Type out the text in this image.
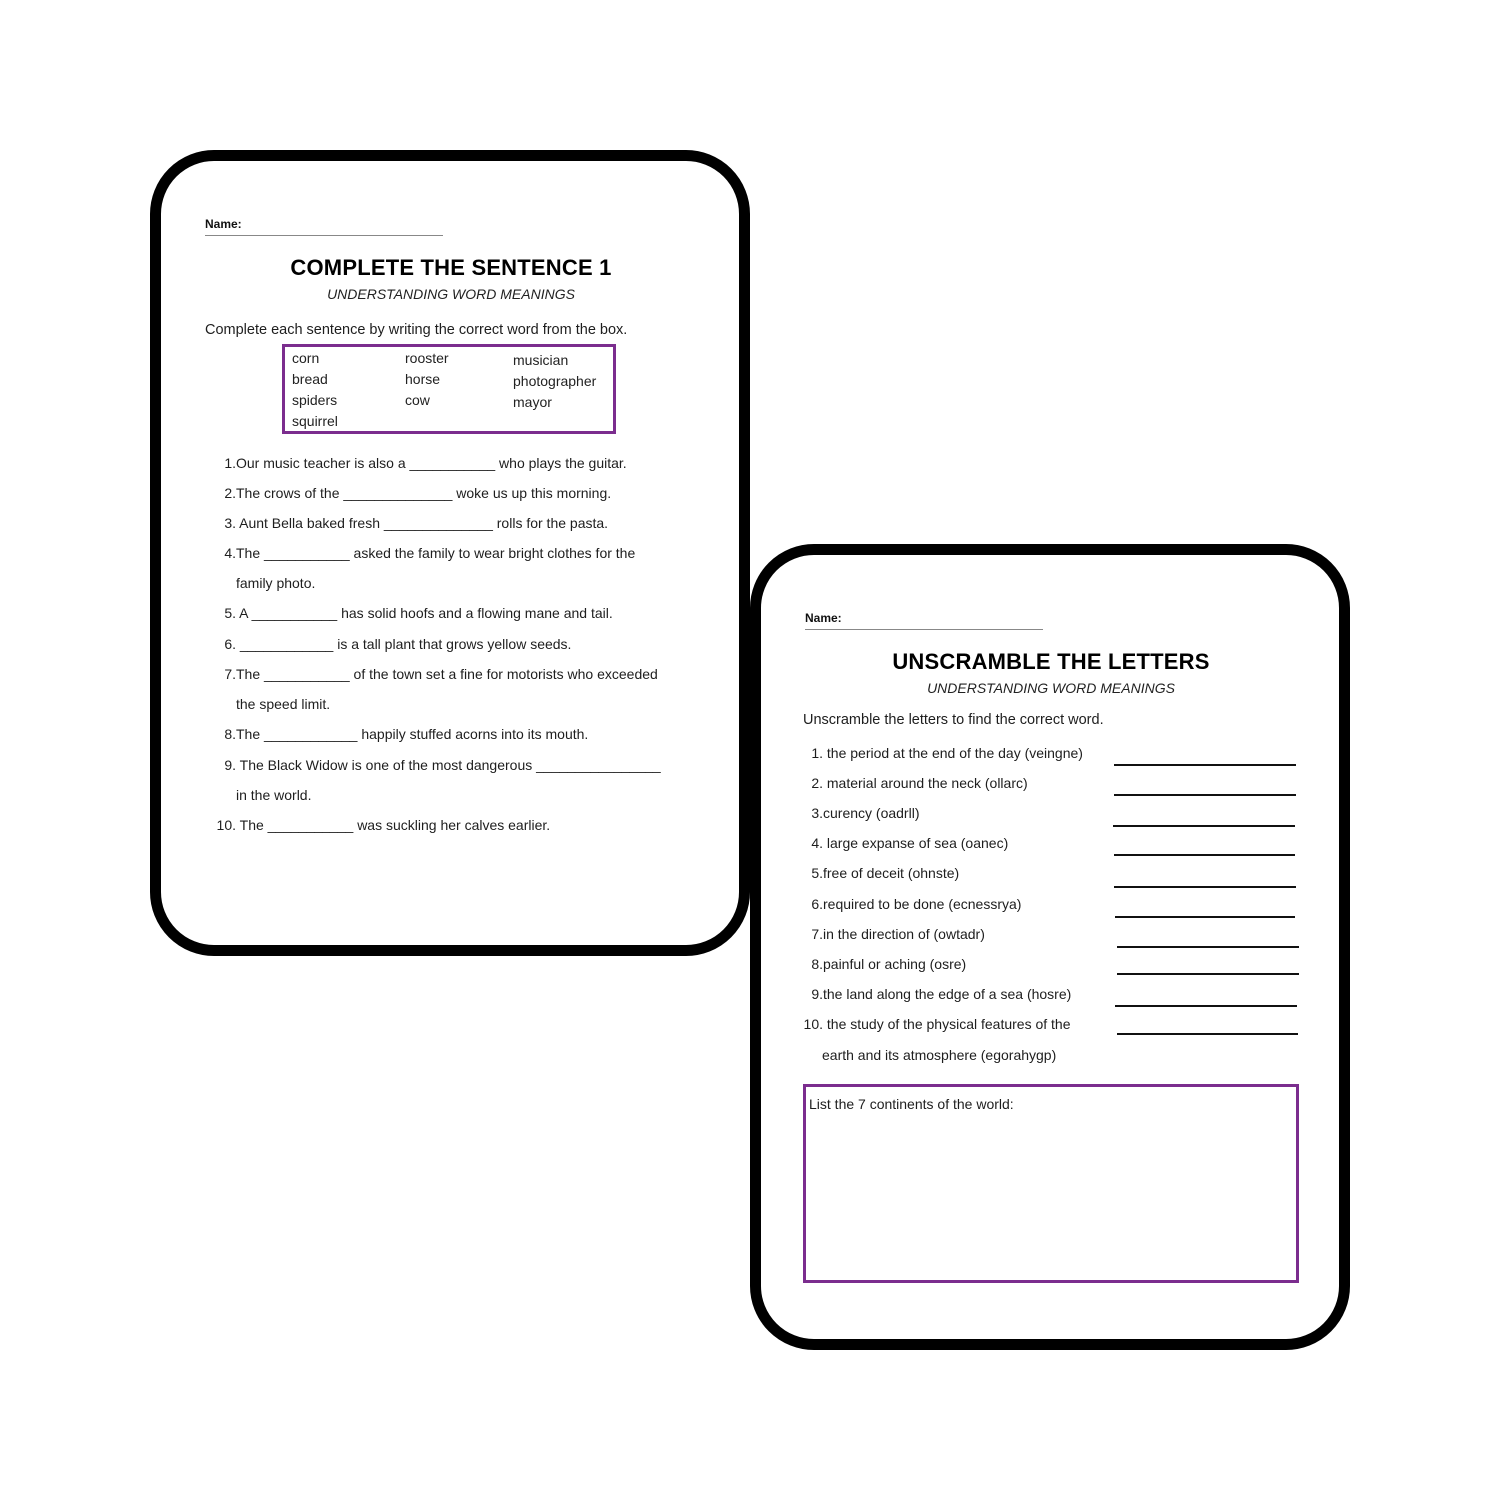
Name:
COMPLETE THE SENTENCE 1
UNDERSTANDING WORD MEANINGS
Complete each sentence by writing the correct word from the box.
corn
bread
spiders
squirrel
rooster
horse
cow
musician
photographer
mayor
1.Our music teacher is also a ___________ who plays the guitar.
2.The crows of the ______________ woke us up this morning.
3. Aunt Bella baked fresh ______________ rolls for the pasta.
4.The ___________ asked the family to wear bright clothes for the
family photo.
5. A ___________ has solid hoofs and a flowing mane and tail.
6. ____________ is a tall plant that grows yellow seeds.
7.The ___________ of the town set a fine for motorists who exceeded
the speed limit.
8.The ____________ happily stuffed acorns into its mouth.
9. The Black Widow is one of the most dangerous ________________
in the world.
10. The ___________ was suckling her calves earlier.
Name:
UNSCRAMBLE THE LETTERS
UNDERSTANDING WORD MEANINGS
Unscramble the letters to find the correct word.
1. the period at the end of the day (veingne)
2. material around the neck (ollarc)
3.curency (oadrll)
4. large expanse of sea (oanec)
5.free of deceit (ohnste)
6.required to be done (ecnessrya)
7.in the direction of (owtadr)
8.painful or aching (osre)
9.the land along the edge of a sea (hosre)
10. the study of the physical features of the
earth and its atmosphere (egorahygp)
List the 7 continents of the world:
